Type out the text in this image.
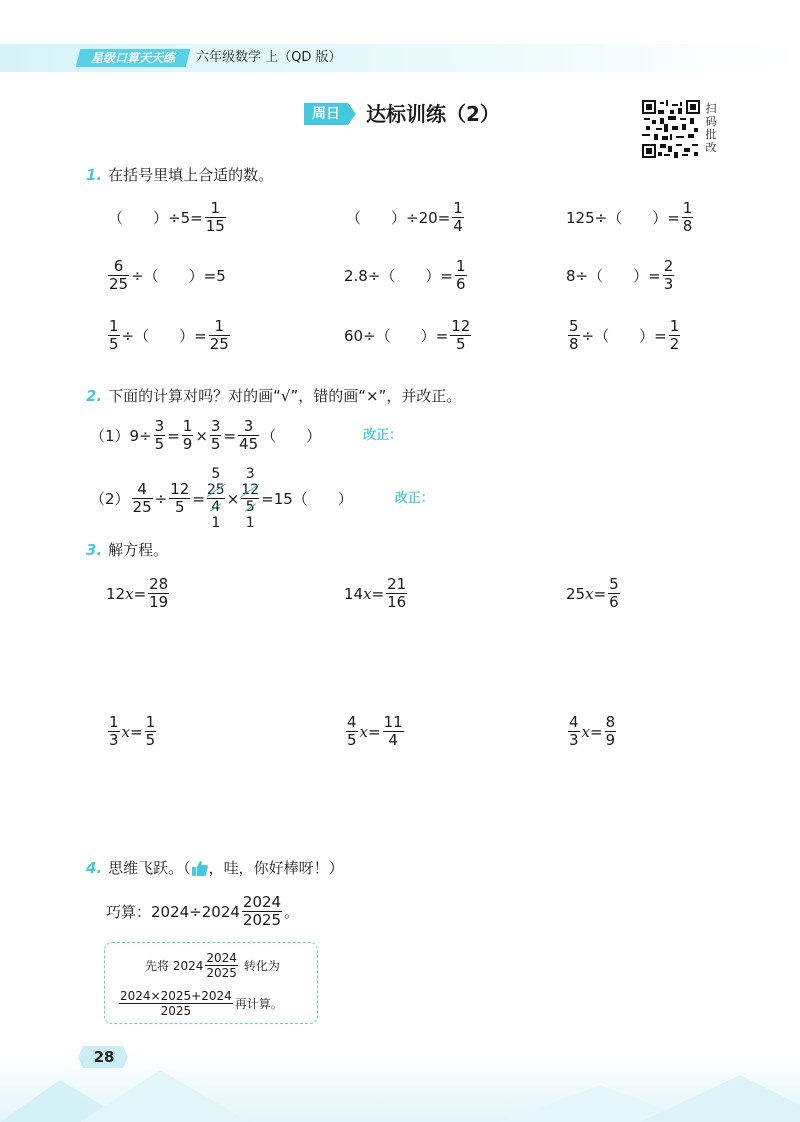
星级口算天天练	六年级数学 上（QD 版）
周日	达标训练（2）	扫
码
批
改
1. 在括号里填上合适的数。
（　　）$\div 5= \frac{1}{15}$	（　　）$\div 20= \frac{1}{4}$	125÷（　　）= $\frac{1}{8}$
$\frac{6}{25}$ ÷（　　）=5	2.8÷（　　）= $\frac{1}{6}$	8÷（　　）= $\frac{2}{3}$
$\frac{1}{5}$ ÷（　　）= $\frac{1}{25}$	60÷（　　）= $\frac{12}{5}$	$\frac{5}{8}$ ÷（　　）= $\frac{1}{2}$
2. 下面的计算对吗？对的画“√”，错的画“×”，并改正。
$(1)9\div \frac{3}{5} = \frac{1}{9} \times \frac{3}{5} = \frac{3}{45}$ （　　）	改正：
$(2) \frac{4}{25} \div \frac{12}{5}$ =
5
25
4
1
×
3
12
5
1
=15（　　）	改正：
3. 解方程。
12 $x = \frac{28}{19}$	14 $x = \frac{21}{16}$	25 $x = \frac{5}{6}$
$\frac{1}{3}$ $x = \frac{1}{5}$	$\frac{4}{5}$ $x = \frac{11}{4}$	$\frac{4}{3}$ $x = \frac{8}{9}$
4. 思维飞跃。（ ，哇，你好棒呀！）
巧算：$2024\div 2024 \frac{2024}{2025}$ 。
先将 $2024 \frac{2024}{2025}$ 转化为
$\frac{2024\times 2025+2024}{2025}$ 再计算。
28
